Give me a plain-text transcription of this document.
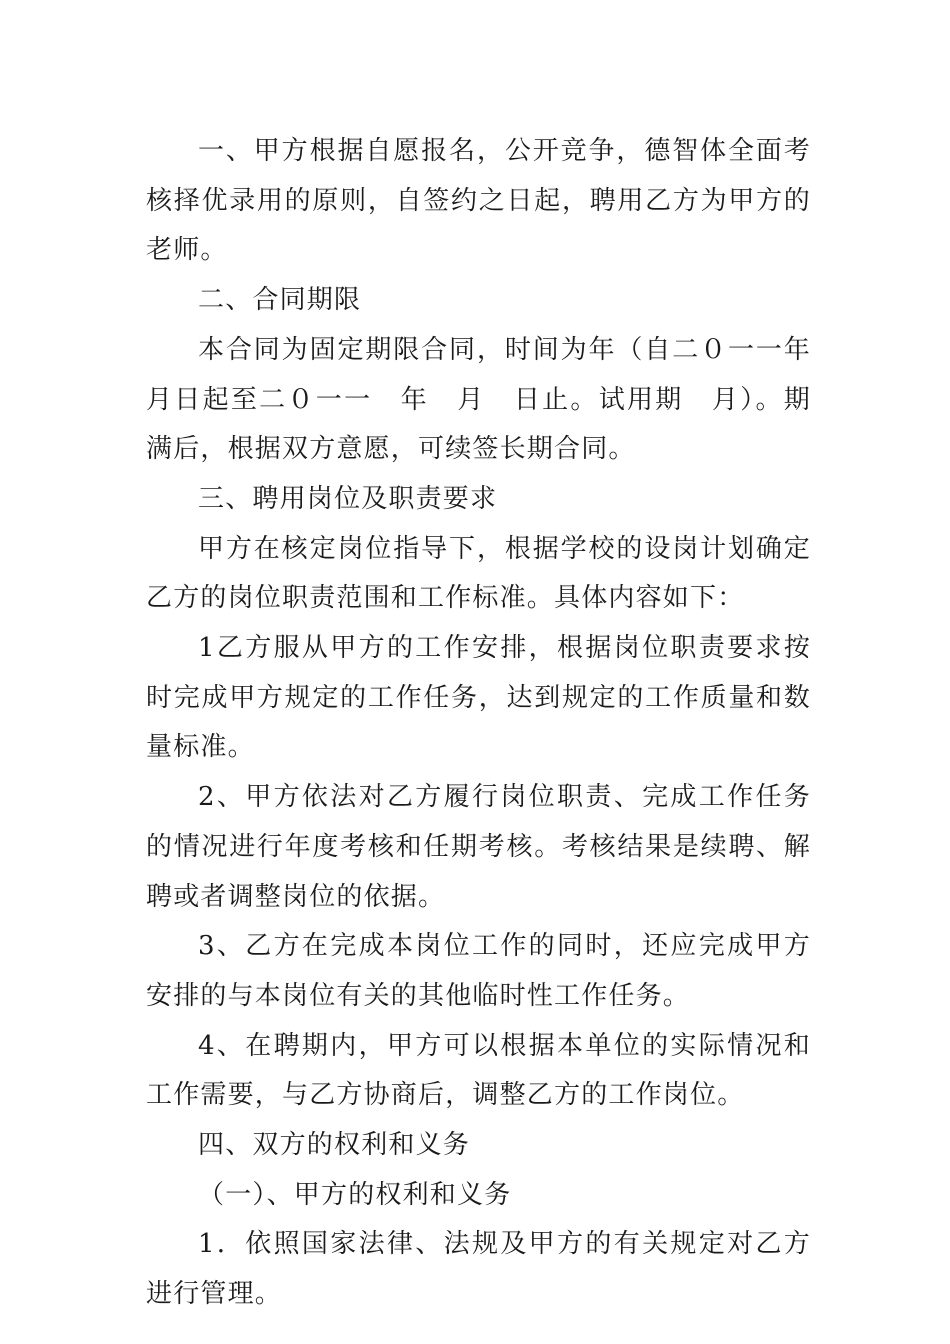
一、甲方根据自愿报名，公开竞争，德智体全面考核择优录用的原则，自签约之日起，聘用乙方为甲方的老师。

二、合同期限

本合同为固定期限合同，时间为年（自二０一一年　月日起至二０一一　年　月　日止。试用期　月）。期满后，根据双方意愿，可续签长期合同。

三、聘用岗位及职责要求

甲方在核定岗位指导下，根据学校的设岗计划确定乙方的岗位职责范围和工作标准。具体内容如下：

1乙方服从甲方的工作安排，根据岗位职责要求按时完成甲方规定的工作任务，达到规定的工作质量和数量标准。

2、甲方依法对乙方履行岗位职责、完成工作任务的情况进行年度考核和任期考核。考核结果是续聘、解聘或者调整岗位的依据。

3、乙方在完成本岗位工作的同时，还应完成甲方安排的与本岗位有关的其他临时性工作任务。

4、在聘期内，甲方可以根据本单位的实际情况和工作需要，与乙方协商后，调整乙方的工作岗位。

四、双方的权利和义务

（一）、甲方的权利和义务

1．依照国家法律、法规及甲方的有关规定对乙方进行管理。
